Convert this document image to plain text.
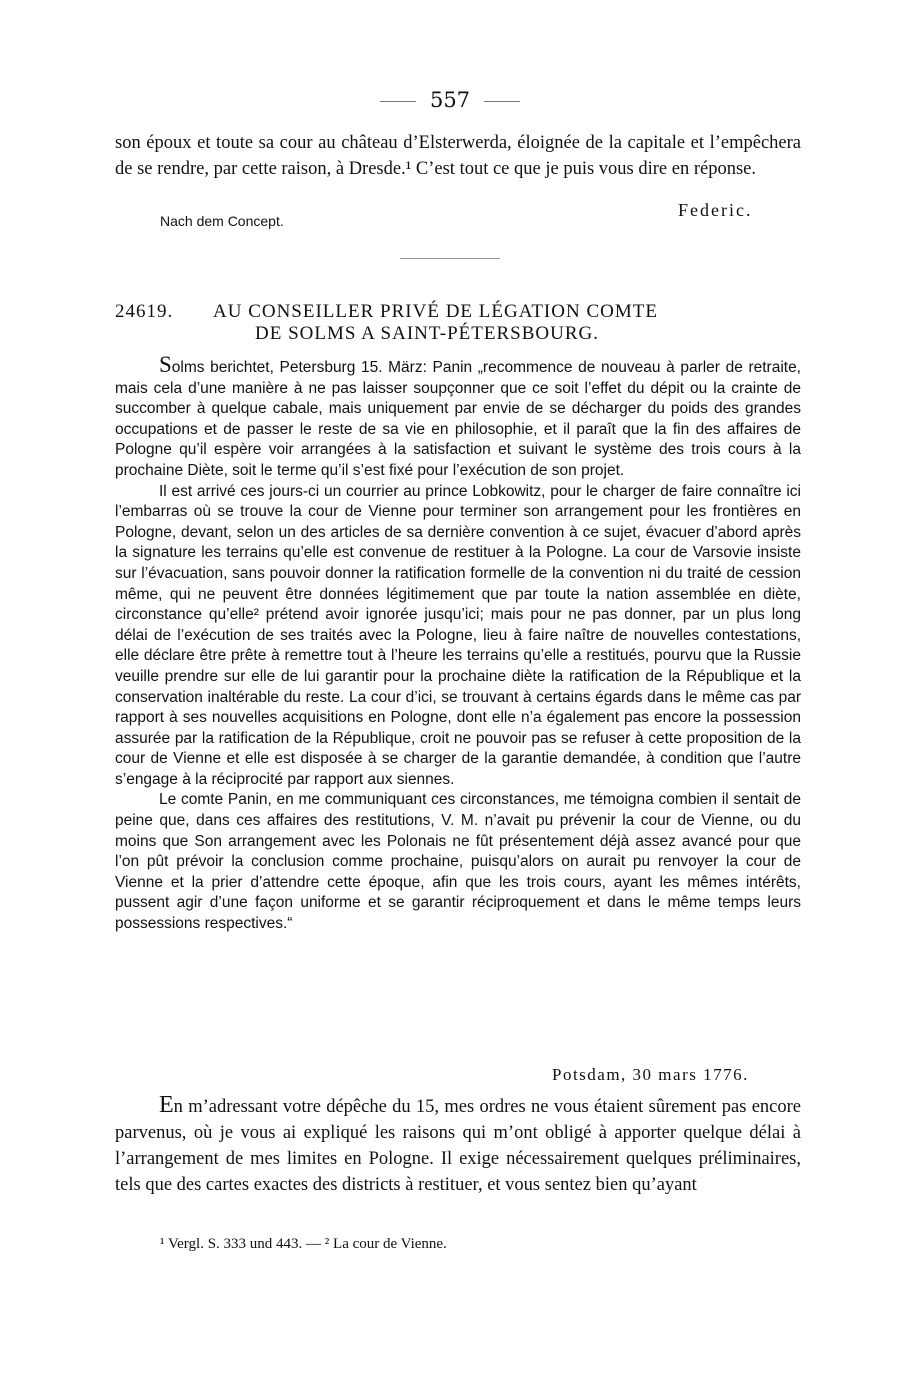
557

son époux et toute sa cour au château d’Elsterwerda, éloignée de la capitale et l’empêchera de se rendre, par cette raison, à Dresde.¹ C’est tout ce que je puis vous dire en réponse.

Nach dem Concept.
Federic.
24619. AU CONSEILLER PRIVÉ DE LÉGATION COMTE
DE SOLMS A SAINT-PÉTERSBOURG.

Solms berichtet, Petersburg 15. März: Panin „recommence de nouveau à parler de retraite, mais cela d’une manière à ne pas laisser soupçonner que ce soit l’effet du dépit ou la crainte de succomber à quelque cabale, mais uniquement par envie de se décharger du poids des grandes occupations et de passer le reste de sa vie en philosophie, et il paraît que la fin des affaires de Pologne qu’il espère voir arrangées à la satisfaction et suivant le système des trois cours à la prochaine Diète, soit le terme qu’il s’est fixé pour l’exécution de son projet.

Il est arrivé ces jours-ci un courrier au prince Lobkowitz, pour le charger de faire connaître ici l’embarras où se trouve la cour de Vienne pour terminer son arrangement pour les frontières en Pologne, devant, selon un des articles de sa dernière convention à ce sujet, évacuer d’abord après la signature les terrains qu’elle est convenue de restituer à la Pologne. La cour de Varsovie insiste sur l’évacuation, sans pouvoir donner la ratification formelle de la convention ni du traité de cession même, qui ne peuvent être données légitimement que par toute la nation assemblée en diète, circonstance qu’elle² prétend avoir ignorée jusqu’ici; mais pour ne pas donner, par un plus long délai de l’exécution de ses traités avec la Pologne, lieu à faire naître de nouvelles contestations, elle déclare être prête à remettre tout à l’heure les terrains qu’elle a restitués, pourvu que la Russie veuille prendre sur elle de lui garantir pour la prochaine diète la ratification de la République et la conservation inaltérable du reste. La cour d’ici, se trouvant à certains égards dans le même cas par rapport à ses nouvelles acquisitions en Pologne, dont elle n’a également pas encore la possession assurée par la ratification de la République, croit ne pouvoir pas se refuser à cette proposition de la cour de Vienne et elle est disposée à se charger de la garantie demandée, à condition que l’autre s’engage à la réciprocité par rapport aux siennes.

Le comte Panin, en me communiquant ces circonstances, me témoigna combien il sentait de peine que, dans ces affaires des restitutions, V. M. n’avait pu prévenir la cour de Vienne, ou du moins que Son arrangement avec les Polonais ne fût présentement déjà assez avancé pour que l’on pût prévoir la conclusion comme prochaine, puisqu’alors on aurait pu renvoyer la cour de Vienne et la prier d’attendre cette époque, afin que les trois cours, ayant les mêmes intérêts, pussent agir d’une façon uniforme et se garantir réciproquement et dans le même temps leurs possessions respectives.“

Potsdam, 30 mars 1776.

En m’adressant votre dépêche du 15, mes ordres ne vous étaient sûrement pas encore parvenus, où je vous ai expliqué les raisons qui m’ont obligé à apporter quelque délai à l’arrangement de mes limites en Pologne. Il exige nécessairement quelques préliminaires, tels que des cartes exactes des districts à restituer, et vous sentez bien qu’ayant

¹ Vergl. S. 333 und 443. — ² La cour de Vienne.
